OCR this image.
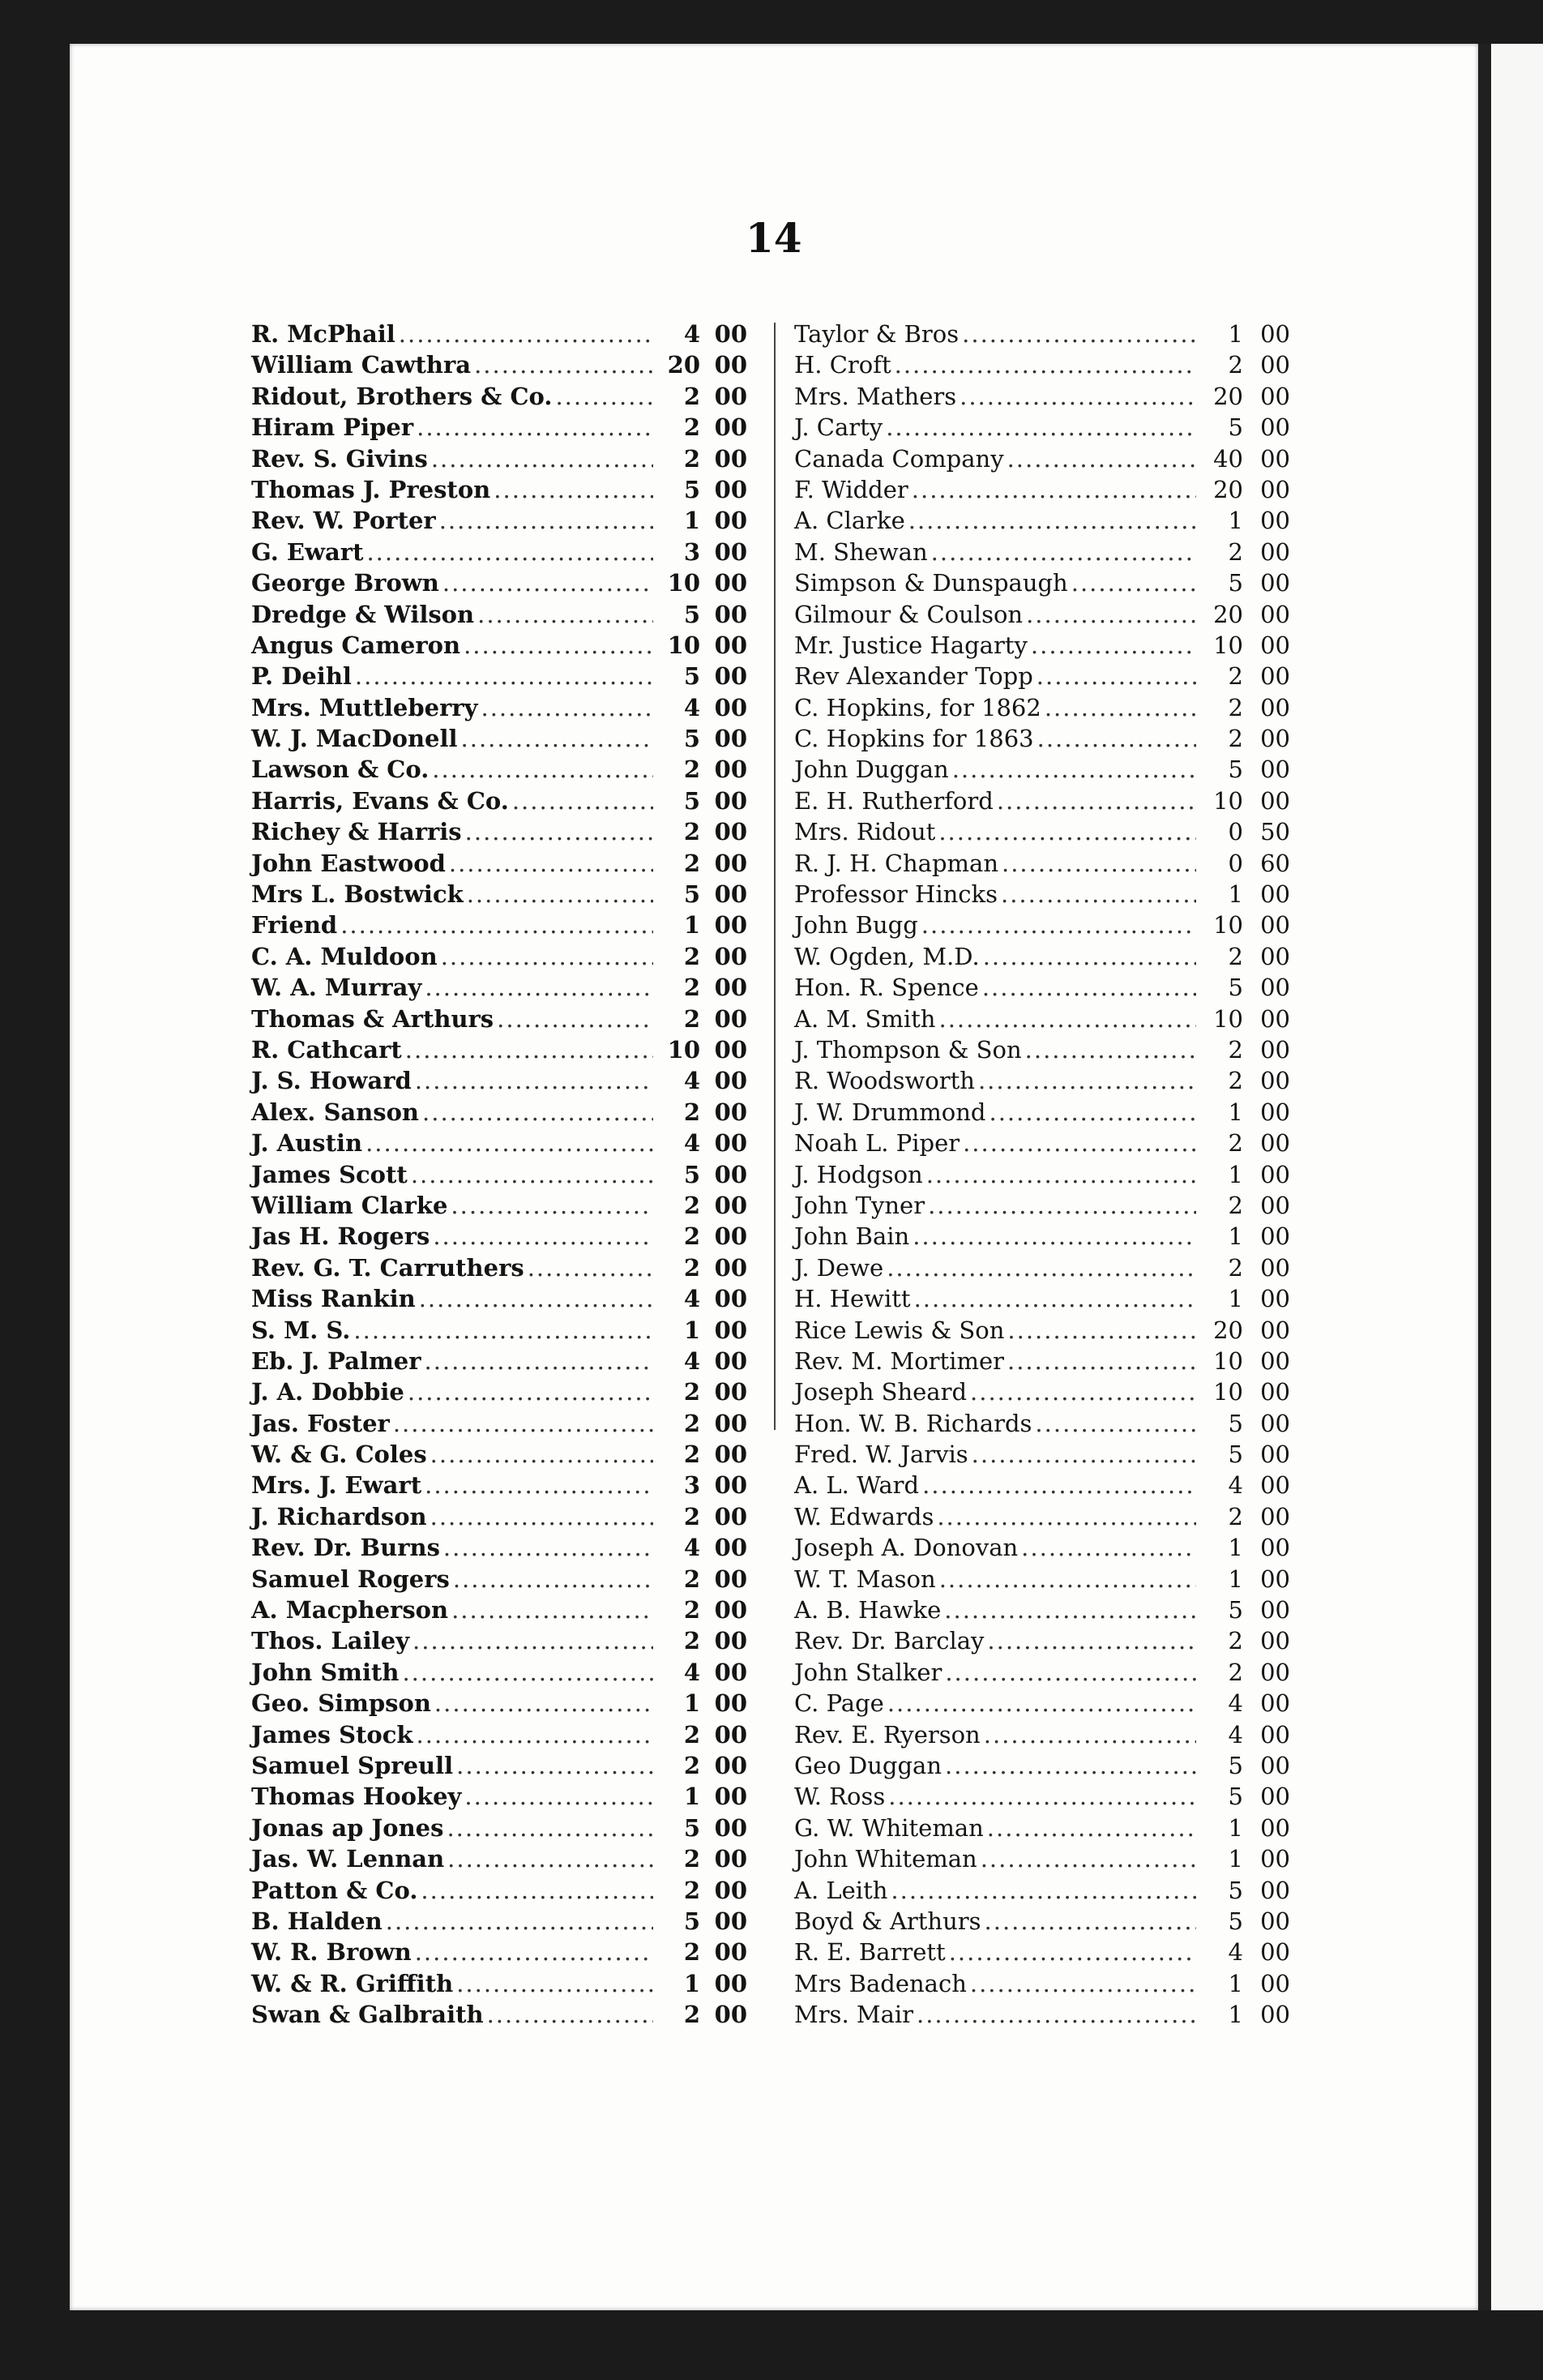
14
R. McPhail .....	4 00
William Cawthra .....	20 00
Ridout, Brothers & Co. .....	2 00
Hiram Piper .....	2 00
Rev. S. Givins .....	2 00
Thomas J. Preston .....	5 00
Rev. W. Porter .....	1 00
G. Ewart .....	3 00
George Brown .....	10 00
Dredge & Wilson .....	5 00
Angus Cameron .....	10 00
P. Deihl .....	5 00
Mrs. Muttleberry .....	4 00
W. J. MacDonell .....	5 00
Lawson & Co. .....	2 00
Harris, Evans & Co. .....	5 00
Richey & Harris .....	2 00
John Eastwood .....	2 00
Mrs L. Bostwick .....	5 00
Friend .....	1 00
C. A. Muldoon .....	2 00
W. A. Murray .....	2 00
Thomas & Arthurs .....	2 00
R. Cathcart .....	10 00
J. S. Howard .....	4 00
Alex. Sanson .....	2 00
J. Austin .....	4 00
James Scott .....	5 00
William Clarke .....	2 00
Jas H. Rogers .....	2 00
Rev. G. T. Carruthers .....	2 00
Miss Rankin .....	4 00
S. M. S. .....	1 00
Eb. J. Palmer .....	4 00
J. A. Dobbie .....	2 00
Jas. Foster .....	2 00
W. & G. Coles .....	2 00
Mrs. J. Ewart .....	3 00
J. Richardson .....	2 00
Rev. Dr. Burns .....	4 00
Samuel Rogers .....	2 00
A. Macpherson .....	2 00
Thos. Lailey .....	2 00
John Smith .....	4 00
Geo. Simpson .....	1 00
James Stock .....	2 00
Samuel Spreull .....	2 00
Thomas Hookey .....	1 00
Jonas ap Jones .....	5 00
Jas. W. Lennan .....	2 00
Patton & Co. .....	2 00
B. Halden .....	5 00
W. R. Brown .....	2 00
W. & R. Griffith .....	1 00
Swan & Galbraith .....	2 00
Taylor & Bros .....	1 00
H. Croft .....	2 00
Mrs. Mathers .....	20 00
J. Carty .....	5 00
Canada Company .....	40 00
F. Widder .....	20 00
A. Clarke .....	1 00
M. Shewan .....	2 00
Simpson & Dunspaugh .....	5 00
Gilmour & Coulson .....	20 00
Mr. Justice Hagarty .....	10 00
Rev Alexander Topp .....	2 00
C. Hopkins, for 1862 .....	2 00
C. Hopkins for 1863 .....	2 00
John Duggan .....	5 00
E. H. Rutherford .....	10 00
Mrs. Ridout .....	0 50
R. J. H. Chapman .....	0 60
Professor Hincks .....	1 00
John Bugg .....	10 00
W. Ogden, M.D. .....	2 00
Hon. R. Spence .....	5 00
A. M. Smith .....	10 00
J. Thompson & Son .....	2 00
R. Woodsworth .....	2 00
J. W. Drummond .....	1 00
Noah L. Piper .....	2 00
J. Hodgson .....	1 00
John Tyner .....	2 00
John Bain .....	1 00
J. Dewe .....	2 00
H. Hewitt .....	1 00
Rice Lewis & Son .....	20 00
Rev. M. Mortimer .....	10 00
Joseph Sheard .....	10 00
Hon. W. B. Richards .....	5 00
Fred. W. Jarvis .....	5 00
A. L. Ward .....	4 00
W. Edwards .....	2 00
Joseph A. Donovan .....	1 00
W. T. Mason .....	1 00
A. B. Hawke .....	5 00
Rev. Dr. Barclay .....	2 00
John Stalker .....	2 00
C. Page .....	4 00
Rev. E. Ryerson .....	4 00
Geo Duggan .....	5 00
W. Ross .....	5 00
G. W. Whiteman .....	1 00
John Whiteman .....	1 00
A. Leith .....	5 00
Boyd & Arthurs .....	5 00
R. E. Barrett .....	4 00
Mrs Badenach .....	1 00
Mrs. Mair .....	1 00
